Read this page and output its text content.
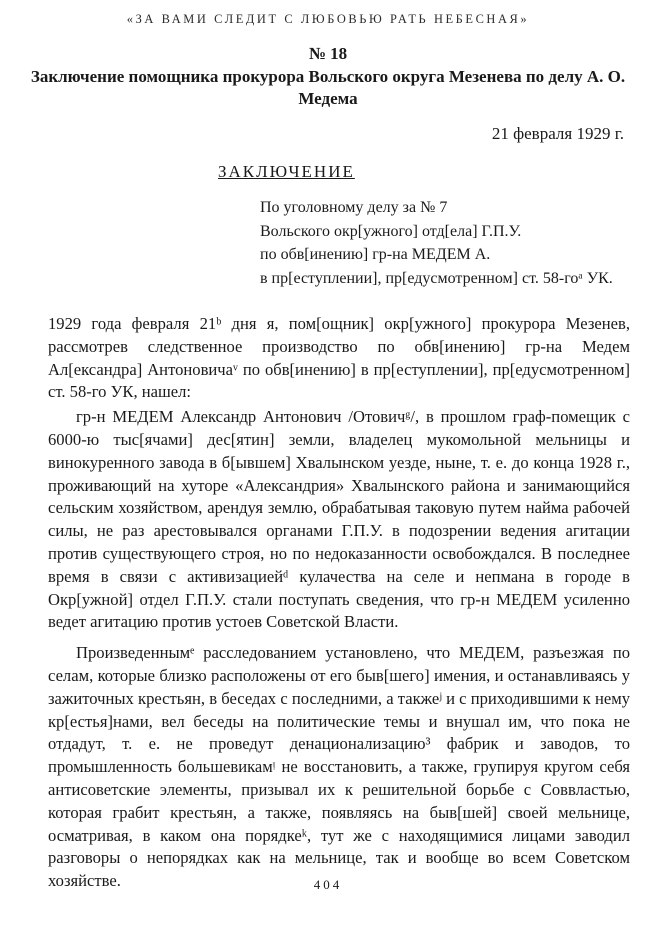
«ЗА ВАМИ СЛЕДИТ С ЛЮБОВЬЮ РАТЬ НЕБЕСНАЯ»
№ 18
Заключение помощника прокурора Вольского округа Мезенева по делу А. О. Медема
21 февраля 1929 г.
ЗАКЛЮЧЕНИЕ
По уголовному делу за № 7
Вольского окр[ужного] отд[ела] Г.П.У.
по обв[инению] гр-на МЕДЕМ А.
в пр[еступлении], пр[едусмотренном] ст. 58-гоᵃ УК.

1929 года февраля 21ᵇ дня я, пом[ощник] окр[ужного] прокурора Мезенев, рассмотрев следственное производство по обв[инению] гр-на Медем Ал[ександра] Антоновичаᵛ по обв[инению] в пр[еступлении], пр[едусмотренном] ст. 58-го УК, нашел:

гр-н МЕДЕМ Александр Антонович /Отовичᵍ/, в прошлом граф-помещик с 6000-ю тыс[ячами] дес[ятин] земли, владелец мукомольной мельницы и винокуренного завода в б[ывшем] Хвалынском уезде, ныне, т. е. до конца 1928 г., проживающий на хуторе «Александрия» Хвалынского района и занимающийся сельским хозяйством, арендуя землю, обрабатывая таковую путем найма рабочей силы, не раз арестовывался органами Г.П.У. в подозрении ведения агитации против существующего строя, но по недоказанности освобождался. В последнее время в связи с активизациейᵈ кулачества на селе и непмана в городе в Окр[ужной] отдел Г.П.У. стали поступать сведения, что гр-н МЕДЕМ усиленно ведет агитацию против устоев Советской Власти.

Произведеннымᵉ расследованием установлено, что МЕДЕМ, разъезжая по селам, которые близко расположены от его быв[шего] имения, и останавливаясь у зажиточных крестьян, в беседах с последними, а такжеʲ и с приходившими к нему кр[естья]нами, вел беседы на политические темы и внушал им, что пока не отдадут, т. е. не проведут денационализацию³ фабрик и заводов, то промышленность большевикамᵎ не восстановить, а также, групируя кругом себя антисоветские элементы, призывал их к решительной борьбе с Соввластью, которая грабит крестьян, а также, появляясь на быв[шей] своей мельнице, осматривая, в каком она порядкеᵏ, тут же с находящимися лицами заводил разговоры о непорядках как на мельнице, так и вообще во всем Советском хозяйстве.	404
